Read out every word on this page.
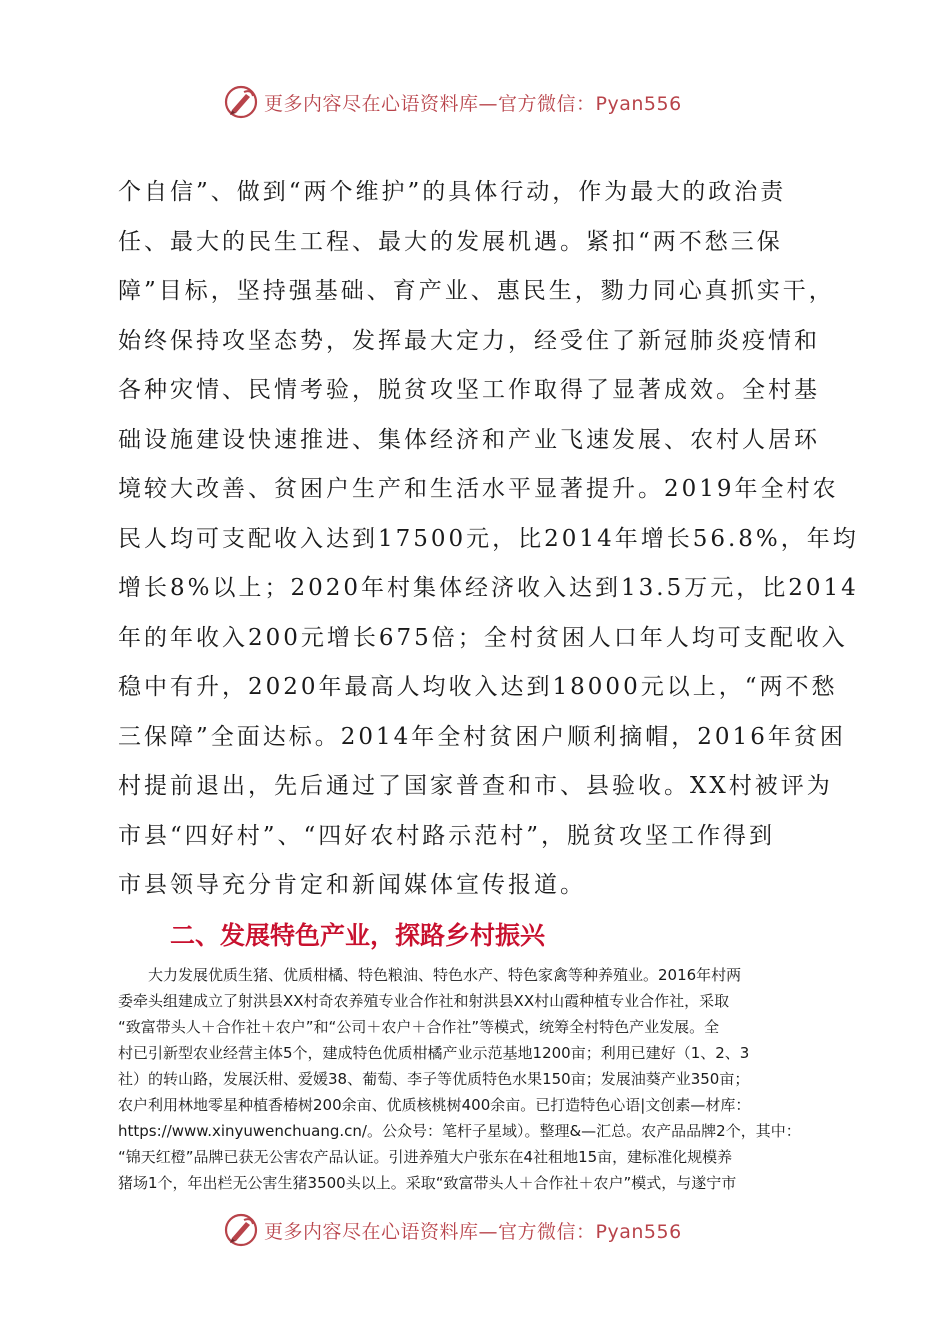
更多内容尽在心语资料库—官方微信：Pyan556
个自信”、做到“两个维护”的具体行动，作为最大的政治责
任、最大的民生工程、最大的发展机遇。紧扣“两不愁三保
障”目标，坚持强基础、育产业、惠民生，勠力同心真抓实干，
始终保持攻坚态势，发挥最大定力，经受住了新冠肺炎疫情和
各种灾情、民情考验，脱贫攻坚工作取得了显著成效。全村基
础设施建设快速推进、集体经济和产业飞速发展、农村人居环
境较大改善、贫困户生产和生活水平显著提升。2019年全村农
民人均可支配收入达到17500元，比2014年增长56.8%，年均
增长8%以上；2020年村集体经济收入达到13.5万元，比2014
年的年收入200元增长675倍；全村贫困人口年人均可支配收入
稳中有升，2020年最高人均收入达到18000元以上，“两不愁
三保障”全面达标。2014年全村贫困户顺利摘帽，2016年贫困
村提前退出，先后通过了国家普查和市、县验收。XX村被评为
市县“四好村”、“四好农村路示范村”，脱贫攻坚工作得到
市县领导充分肯定和新闻媒体宣传报道。
二、发展特色产业，探路乡村振兴
　　大力发展优质生猪、优质柑橘、特色粮油、特色水产、特色家禽等种养殖业。2016年村两
委牵头组建成立了射洪县XX村奇农养殖专业合作社和射洪县XX村山霞种植专业合作社，采取
“致富带头人＋合作社＋农户”和“公司＋农户＋合作社”等模式，统筹全村特色产业发展。全
村已引新型农业经营主体5个，建成特色优质柑橘产业示范基地1200亩；利用已建好（1、2、3
社）的转山路，发展沃柑、爱媛38、葡萄、李子等优质特色水果150亩；发展油葵产业350亩；
农户利用林地零星种植香椿树200余亩、优质核桃树400余亩。已打造特色心语|文创素—材库：
https://www.xinyuwenchuang.cn/。公众号：笔杆子星域）。整理&—汇总。农产品品牌2个，其中：
“锦天红橙”品牌已获无公害农产品认证。引进养殖大户张东在4社租地15亩，建标准化规模养
猪场1个，年出栏无公害生猪3500头以上。采取“致富带头人＋合作社＋农户”模式，与遂宁市
更多内容尽在心语资料库—官方微信：Pyan556
